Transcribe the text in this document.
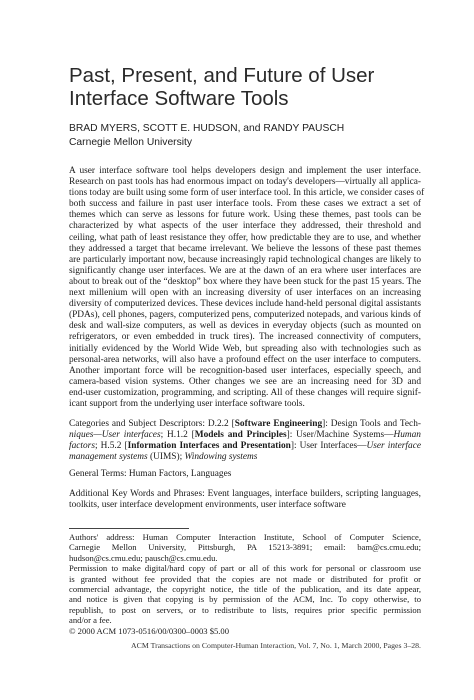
Past, Present, and Future of User
Interface Software Tools
BRAD MYERS, SCOTT E. HUDSON, and RANDY PAUSCH
Carnegie Mellon University

A user interface software tool helps developers design and implement the user interface.
Research on past tools has had enormous impact on today's developers—virtually all applica-
tions today are built using some form of user interface tool. In this article, we consider cases of
both success and failure in past user interface tools. From these cases we extract a set of
themes which can serve as lessons for future work. Using these themes, past tools can be
characterized by what aspects of the user interface they addressed, their threshold and
ceiling, what path of least resistance they offer, how predictable they are to use, and whether
they addressed a target that became irrelevant. We believe the lessons of these past themes
are particularly important now, because increasingly rapid technological changes are likely to
significantly change user interfaces. We are at the dawn of an era where user interfaces are
about to break out of the “desktop” box where they have been stuck for the past 15 years. The
next millenium will open with an increasing diversity of user interfaces on an increasing
diversity of computerized devices. These devices include hand-held personal digital assistants
(PDAs), cell phones, pagers, computerized pens, computerized notepads, and various kinds of
desk and wall-size computers, as well as devices in everyday objects (such as mounted on
refrigerators, or even embedded in truck tires). The increased connectivity of computers,
initially evidenced by the World Wide Web, but spreading also with technologies such as
personal-area networks, will also have a profound effect on the user interface to computers.
Another important force will be recognition-based user interfaces, especially speech, and
camera-based vision systems. Other changes we see are an increasing need for 3D and
end-user customization, programming, and scripting. All of these changes will require signif-
icant support from the underlying user interface software tools.

Categories and Subject Descriptors: D.2.2 [Software Engineering]: Design Tools and Tech-
niques—User interfaces; H.1.2 [Models and Principles]: User/Machine Systems—Human
factors; H.5.2 [Information Interfaces and Presentation]: User Interfaces—User interface
management systems (UIMS); Windowing systems

General Terms: Human Factors, Languages

Additional Key Words and Phrases: Event languages, interface builders, scripting languages,
toolkits, user interface development environments, user interface software

Authors' address: Human Computer Interaction Institute, School of Computer Science,
Carnegie Mellon University, Pittsburgh, PA 15213-3891; email: bam@cs.cmu.edu;
hudson@cs.cmu.edu; pausch@cs.cmu.edu.
Permission to make digital/hard copy of part or all of this work for personal or classroom use
is granted without fee provided that the copies are not made or distributed for profit or
commercial advantage, the copyright notice, the title of the publication, and its date appear,
and notice is given that copying is by permission of the ACM, Inc. To copy otherwise, to
republish, to post on servers, or to redistribute to lists, requires prior specific permission
and/or a fee.
© 2000 ACM 1073-0516/00/0300–0003 $5.00

ACM Transactions on Computer-Human Interaction, Vol. 7, No. 1, March 2000, Pages 3–28.
